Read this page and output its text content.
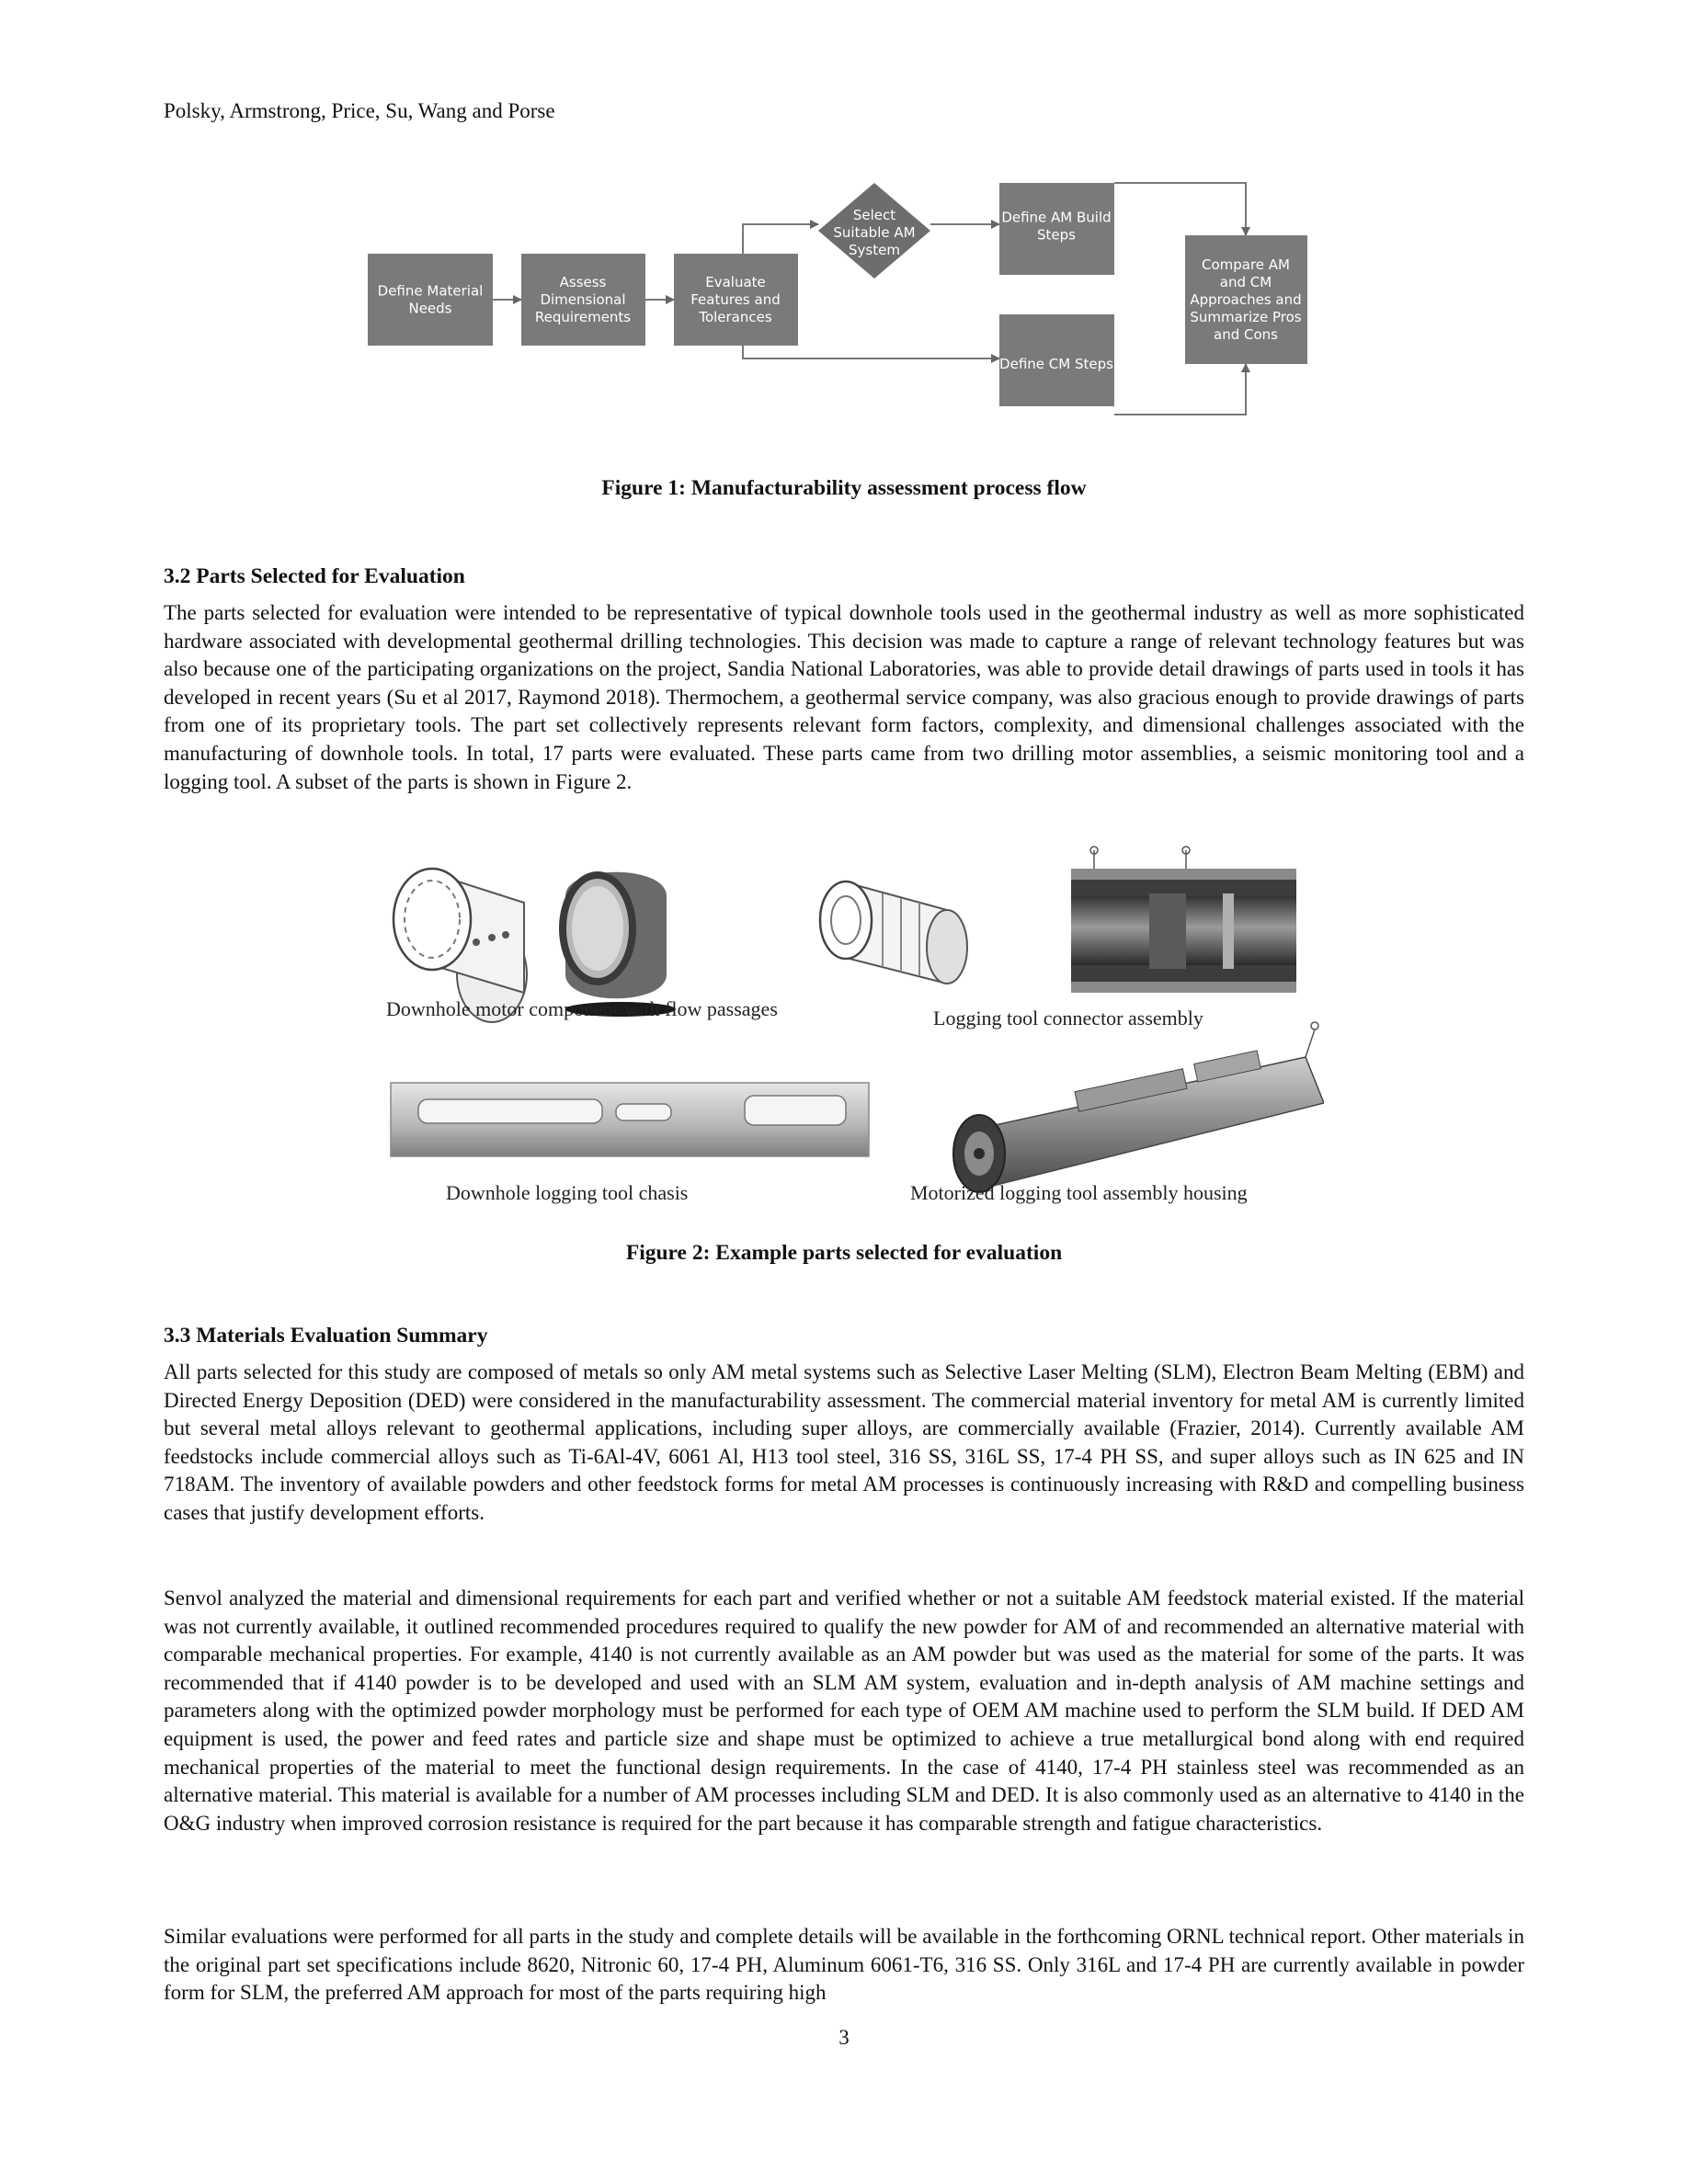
Polsky, Armstrong, Price, Su, Wang and Porse
Define Material Needs
Assess Dimensional Requirements
Evaluate Features and Tolerances
Select Suitable AM System
Define AM Build Steps
Define CM Steps
Compare AM and CM Approaches and Summarize Pros and Cons
Figure 1: Manufacturability assessment process flow
3.2 Parts Selected for Evaluation

The parts selected for evaluation were intended to be representative of typical downhole tools used in the geothermal industry as well as more sophisticated hardware associated with developmental geothermal drilling technologies. This decision was made to capture a range of relevant technology features but was also because one of the participating organizations on the project, Sandia National Laboratories, was able to provide detail drawings of parts used in tools it has developed in recent years (Su et al 2017, Raymond 2018). Thermochem, a geothermal service company, was also gracious enough to provide drawings of parts from one of its proprietary tools. The part set collectively represents relevant form factors, complexity, and dimensional challenges associated with the manufacturing of downhole tools. In total, 17 parts were evaluated. These parts came from two drilling motor assemblies, a seismic monitoring tool and a logging tool. A subset of the parts is shown in Figure 2.

Downhole motor component with flow passages	Logging tool connector assembly
Downhole logging tool chasis	Motorized logging tool assembly housing
Figure 2: Example parts selected for evaluation
3.3 Materials Evaluation Summary

All parts selected for this study are composed of metals so only AM metal systems such as Selective Laser Melting (SLM), Electron Beam Melting (EBM) and Directed Energy Deposition (DED) were considered in the manufacturability assessment. The commercial material inventory for metal AM is currently limited but several metal alloys relevant to geothermal applications, including super alloys, are commercially available (Frazier, 2014). Currently available AM feedstocks include commercial alloys such as Ti-6Al-4V, 6061 Al, H13 tool steel, 316 SS, 316L SS, 17-4 PH SS, and super alloys such as IN 625 and IN 718AM. The inventory of available powders and other feedstock forms for metal AM processes is continuously increasing with R&D and compelling business cases that justify development efforts.

Senvol analyzed the material and dimensional requirements for each part and verified whether or not a suitable AM feedstock material existed. If the material was not currently available, it outlined recommended procedures required to qualify the new powder for AM of and recommended an alternative material with comparable mechanical properties. For example, 4140 is not currently available as an AM powder but was used as the material for some of the parts. It was recommended that if 4140 powder is to be developed and used with an SLM AM system, evaluation and in-depth analysis of AM machine settings and parameters along with the optimized powder morphology must be performed for each type of OEM AM machine used to perform the SLM build. If DED AM equipment is used, the power and feed rates and particle size and shape must be optimized to achieve a true metallurgical bond along with end required mechanical properties of the material to meet the functional design requirements. In the case of 4140, 17-4 PH stainless steel was recommended as an alternative material. This material is available for a number of AM processes including SLM and DED. It is also commonly used as an alternative to 4140 in the O&G industry when improved corrosion resistance is required for the part because it has comparable strength and fatigue characteristics.

Similar evaluations were performed for all parts in the study and complete details will be available in the forthcoming ORNL technical report. Other materials in the original part set specifications include 8620, Nitronic 60, 17-4 PH, Aluminum 6061-T6, 316 SS. Only 316L and 17-4 PH are currently available in powder form for SLM, the preferred AM approach for most of the parts requiring high

3
